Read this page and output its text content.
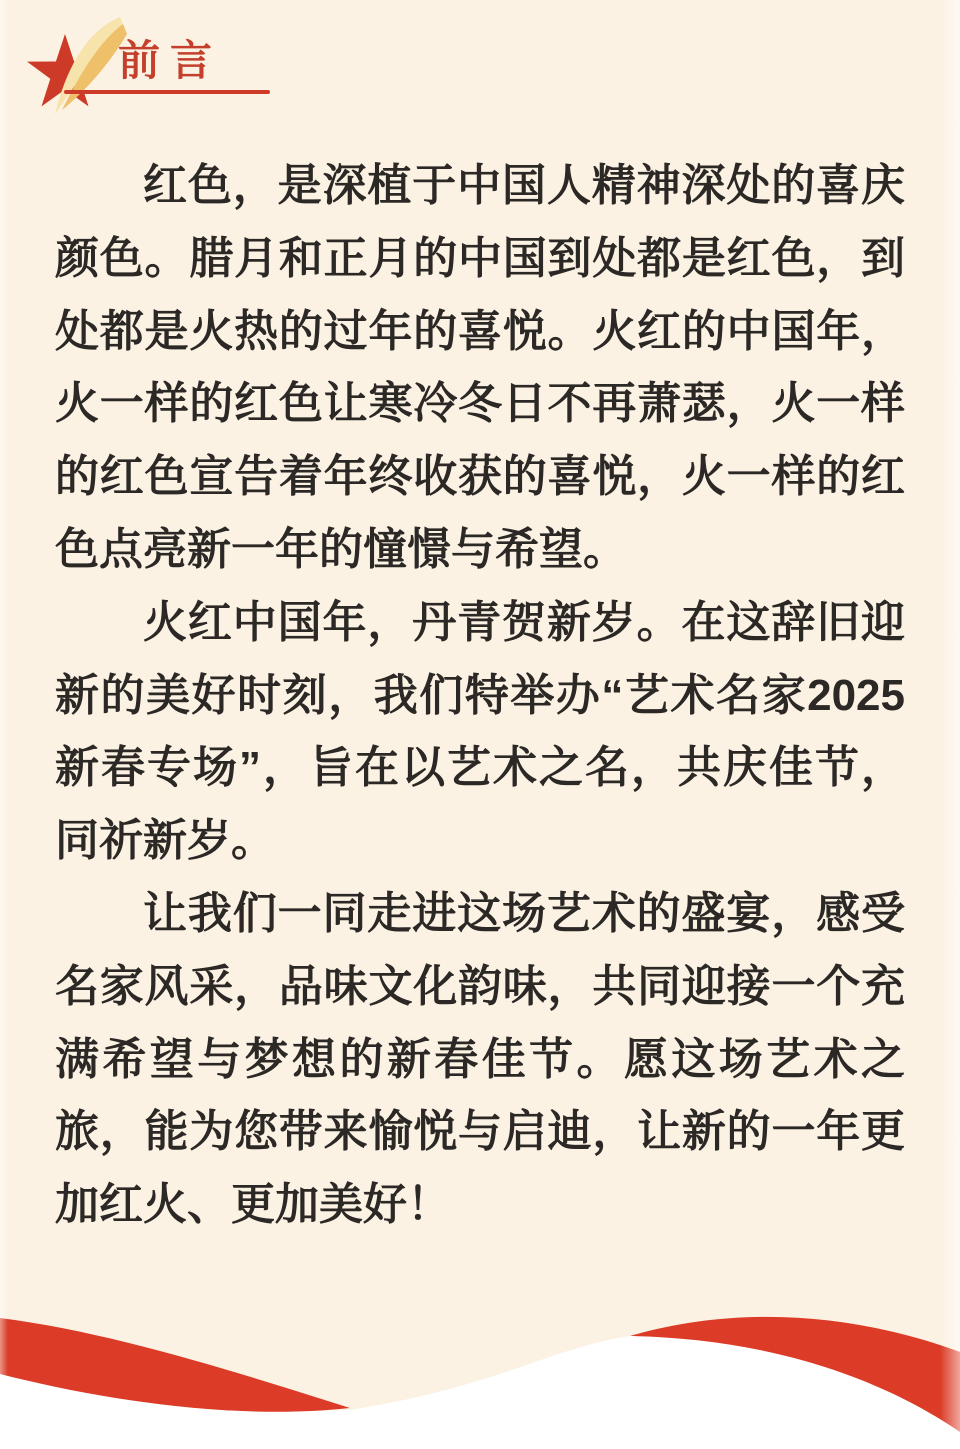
前言
红色，是深植于中国人精神深处的喜庆
颜色。腊月和正月的中国到处都是红色，到
处都是火热的过年的喜悦。火红的中国年，
火一样的红色让寒冷冬日不再萧瑟，火一样
的红色宣告着年终收获的喜悦，火一样的红
色点亮新一年的憧憬与希望。
火红中国年，丹青贺新岁。在这辞旧迎
新的美好时刻，我们特举办“艺术名家2025
新春专场”，旨在以艺术之名，共庆佳节，
同祈新岁。
让我们一同走进这场艺术的盛宴，感受
名家风采，品味文化韵味，共同迎接一个充
满希望与梦想的新春佳节。愿这场艺术之
旅，能为您带来愉悦与启迪，让新的一年更
加红火、更加美好！
